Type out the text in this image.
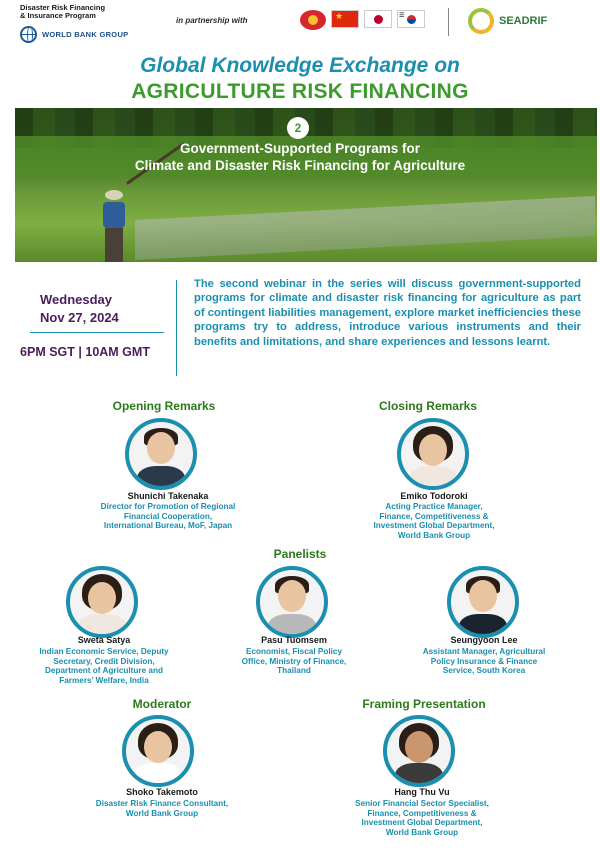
Disaster Risk Financing
& Insurance Program
WORLD BANK GROUP
in partnership with ★ ☰	SEADRIF
Global Knowledge Exchange on
AGRICULTURE RISK FINANCING
2
Government-Supported Programs for
Climate and Disaster Risk Financing for Agriculture
Wednesday
Nov 27, 2024
6PM SGT | 10AM GMT
The second webinar in the series will discuss government-supported programs for climate and disaster risk financing for agriculture as part of contingent liabilities management, explore market inefficiencies these programs try to address, introduce various instruments and their benefits and limitations, and share experiences and lessons learnt.
Opening Remarks
Shunichi Takenaka
Director for Promotion of Regional
Financial Cooperation,
International Bureau, MoF, Japan
Closing Remarks
Emiko Todoroki
Acting Practice Manager,
Finance, Competitiveness &
Investment Global Department,
World Bank Group
Panelists
Sweta Satya
Indian Economic Service, Deputy
Secretary, Credit Division,
Department of Agriculture and
Farmers’ Welfare, India
Pasu Tuomsem
Economist, Fiscal Policy
Office, Ministry of Finance,
Thailand
Seungyoon Lee
Assistant Manager, Agricultural
Policy Insurance & Finance
Service, South Korea
Moderator
Shoko Takemoto
Disaster Risk Finance Consultant,
World Bank Group
Framing Presentation
Hang Thu Vu
Senior Financial Sector Specialist,
Finance, Competitiveness &
Investment Global Department,
World Bank Group
